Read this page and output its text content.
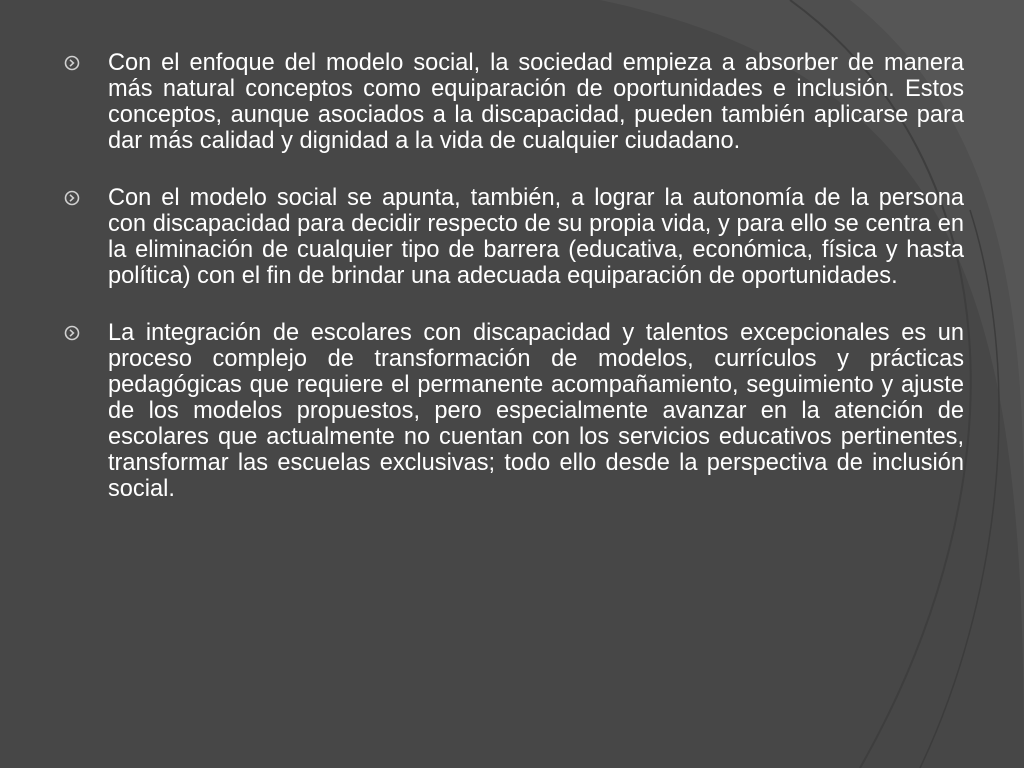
Con el enfoque del modelo social, la sociedad empieza a absorber de manera más natural conceptos como equiparación de oportunidades e inclusión. Estos conceptos, aunque asociados a la discapacidad, pueden también aplicarse para dar más calidad y dignidad a la vida de cualquier ciudadano.

Con el modelo social se apunta, también, a lograr la autonomía de la persona con discapacidad para decidir respecto de su propia vida, y para ello se centra en la eliminación de cualquier tipo de barrera (educativa, económica, física y hasta política) con el fin de brindar una adecuada equiparación de oportunidades.

La integración de escolares con discapacidad y talentos excepcionales es un proceso complejo de transformación de modelos, currículos y prácticas pedagógicas que requiere el permanente acompañamiento, seguimiento y ajuste de los modelos propuestos, pero especialmente avanzar en la atención de escolares que actualmente no cuentan con los servicios educativos pertinentes, transformar las escuelas exclusivas; todo ello desde la perspectiva de inclusión social.
